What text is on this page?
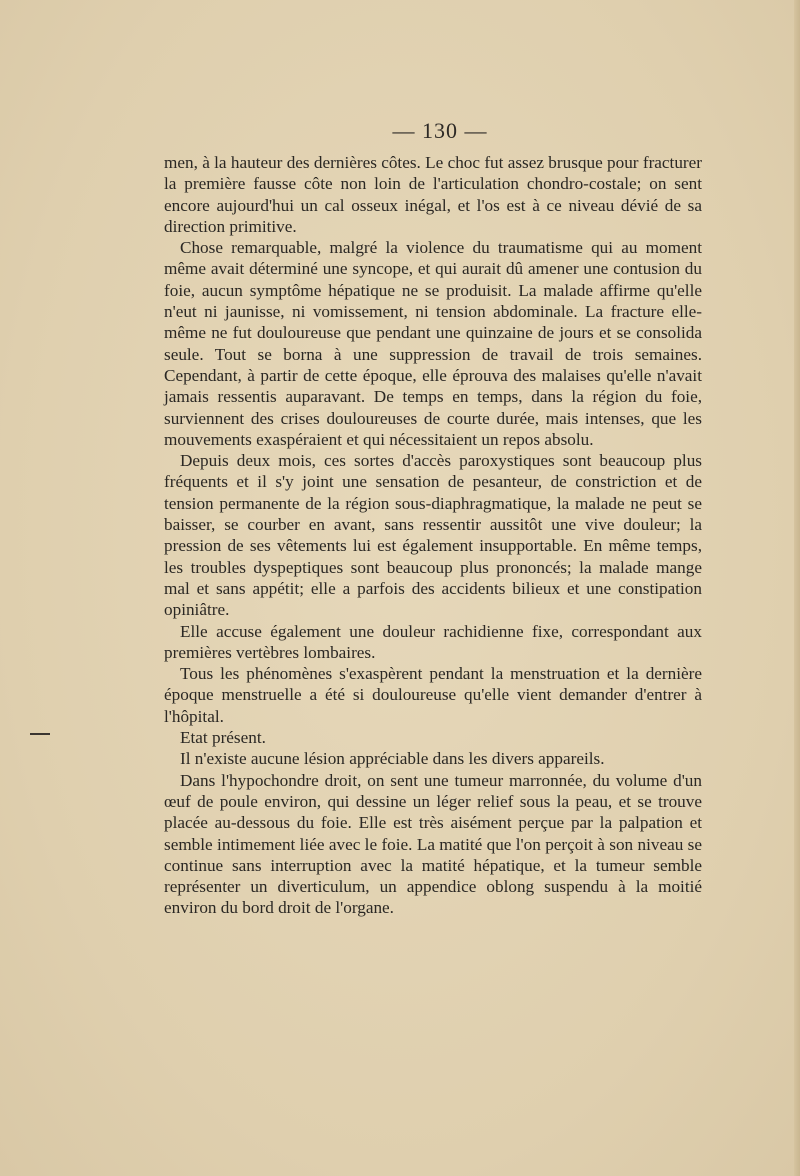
— 130 —

men, à la hauteur des dernières côtes. Le choc fut assez brusque pour fracturer la première fausse côte non loin de l'articulation chondro-costale; on sent encore aujourd'hui un cal osseux inégal, et l'os est à ce niveau dévié de sa direction primitive.

Chose remarquable, malgré la violence du traumatisme qui au moment même avait déterminé une syncope, et qui aurait dû amener une contusion du foie, aucun symptôme hépatique ne se produisit. La malade affirme qu'elle n'eut ni jaunisse, ni vomissement, ni tension abdominale. La fracture elle-même ne fut douloureuse que pendant une quinzaine de jours et se consolida seule. Tout se borna à une suppression de travail de trois semaines. Cependant, à partir de cette époque, elle éprouva des malaises qu'elle n'avait jamais ressentis auparavant. De temps en temps, dans la région du foie, surviennent des crises douloureuses de courte durée, mais intenses, que les mouvements exaspéraient et qui nécessitaient un repos absolu.

Depuis deux mois, ces sortes d'accès paroxystiques sont beaucoup plus fréquents et il s'y joint une sensation de pesanteur, de constriction et de tension permanente de la région sous-diaphragmatique, la malade ne peut se baisser, se courber en avant, sans ressentir aussitôt une vive douleur; la pression de ses vêtements lui est également insupportable. En même temps, les troubles dyspeptiques sont beaucoup plus prononcés; la malade mange mal et sans appétit; elle a parfois des accidents bilieux et une constipation opiniâtre.

Elle accuse également une douleur rachidienne fixe, correspondant aux premières vertèbres lombaires.

Tous les phénomènes s'exaspèrent pendant la menstruation et la dernière époque menstruelle a été si douloureuse qu'elle vient demander d'entrer à l'hôpital.

Etat présent.

Il n'existe aucune lésion appréciable dans les divers appareils.

Dans l'hypochondre droit, on sent une tumeur marronnée, du volume d'un œuf de poule environ, qui dessine un léger relief sous la peau, et se trouve placée au-dessous du foie. Elle est très aisément perçue par la palpation et semble intimement liée avec le foie. La matité que l'on perçoit à son niveau se continue sans interruption avec la matité hépatique, et la tumeur semble représenter un diverticulum, un appendice oblong suspendu à la moitié environ du bord droit de l'organe.
